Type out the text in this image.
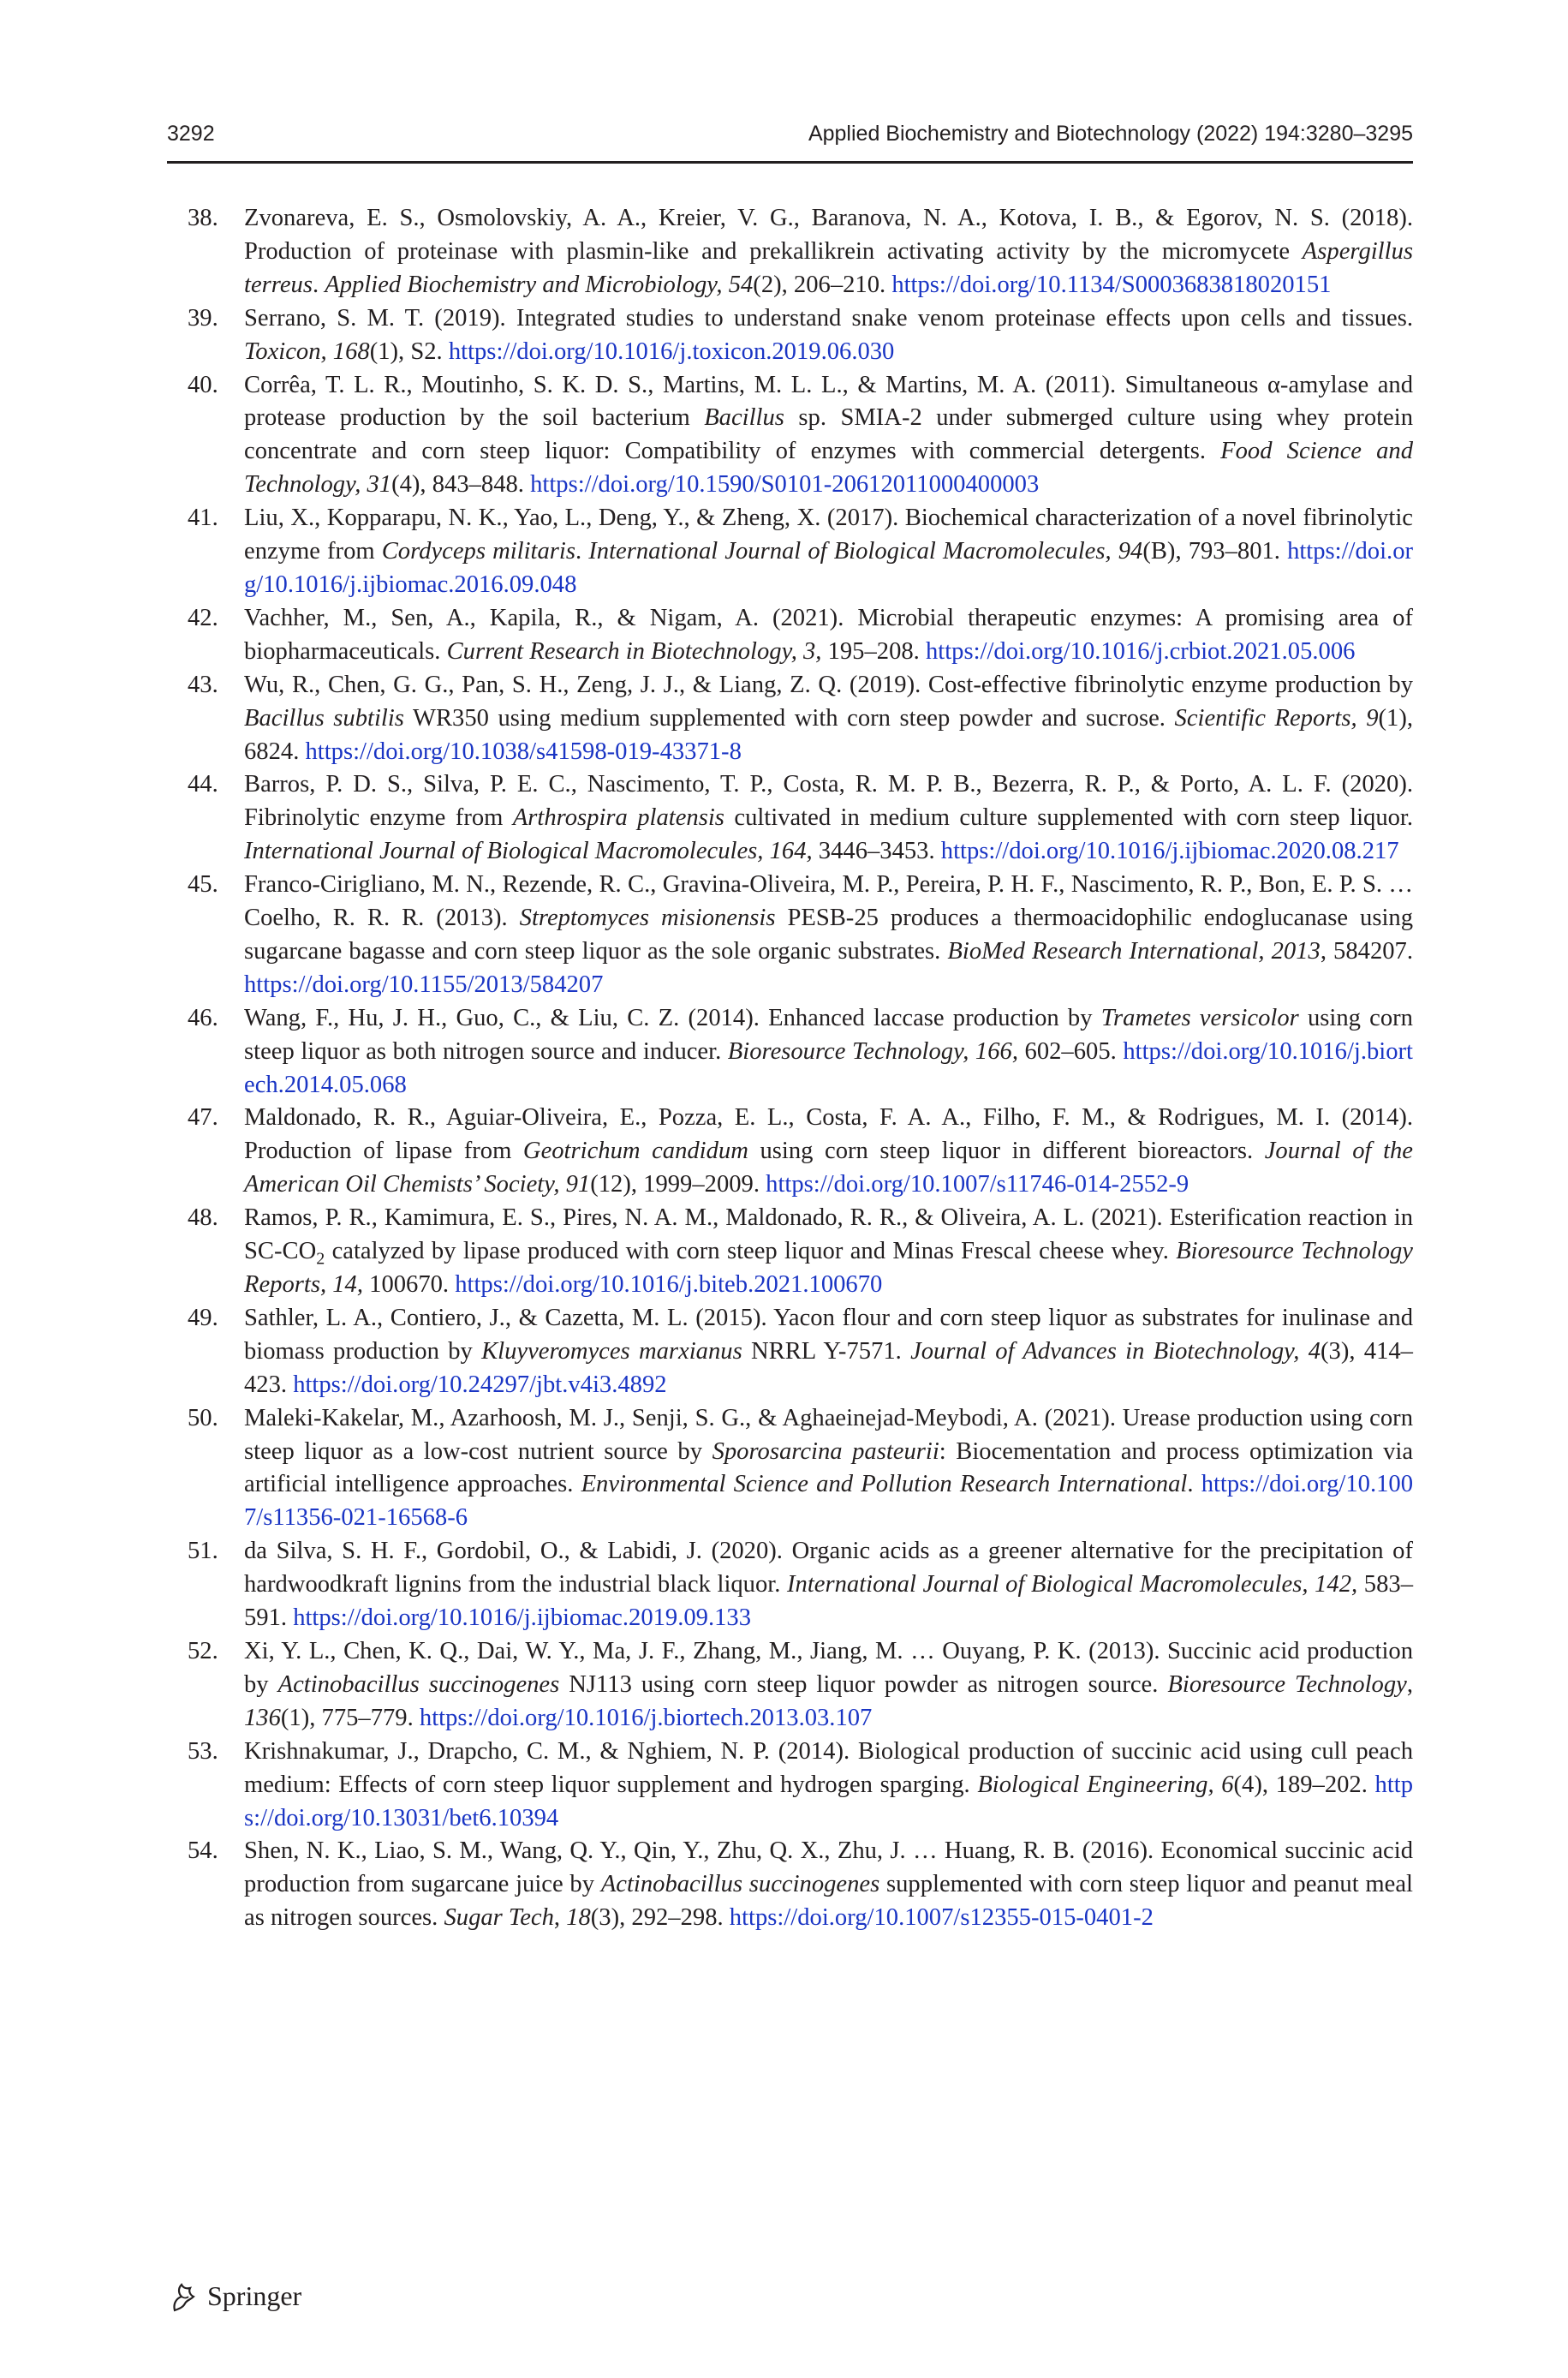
3292	Applied Biochemistry and Biotechnology (2022) 194:3280–3295
38. Zvonareva, E. S., Osmolovskiy, A. A., Kreier, V. G., Baranova, N. A., Kotova, I. B., & Egorov, N. S. (2018). Production of proteinase with plasmin-like and prekallikrein activating activity by the micromycete Aspergillus terreus. Applied Biochemistry and Microbiology, 54(2), 206–210. https://doi.org/10.1134/S0003683818020151
39. Serrano, S. M. T. (2019). Integrated studies to understand snake venom proteinase effects upon cells and tissues. Toxicon, 168(1), S2. https://doi.org/10.1016/j.toxicon.2019.06.030
40. Corrêa, T. L. R., Moutinho, S. K. D. S., Martins, M. L. L., & Martins, M. A. (2011). Simultaneous α-amylase and protease production by the soil bacterium Bacillus sp. SMIA-2 under submerged culture using whey protein concentrate and corn steep liquor: Compatibility of enzymes with commercial detergents. Food Science and Technology, 31(4), 843–848. https://doi.org/10.1590/S0101-20612011000400003
41. Liu, X., Kopparapu, N. K., Yao, L., Deng, Y., & Zheng, X. (2017). Biochemical characterization of a novel fibrinolytic enzyme from Cordyceps militaris. International Journal of Biological Macromolecules, 94(B), 793–801. https://doi.org/10.1016/j.ijbiomac.2016.09.048
42. Vachher, M., Sen, A., Kapila, R., & Nigam, A. (2021). Microbial therapeutic enzymes: A promising area of biopharmaceuticals. Current Research in Biotechnology, 3, 195–208. https://doi.org/10.1016/j.crbiot.2021.05.006
43. Wu, R., Chen, G. G., Pan, S. H., Zeng, J. J., & Liang, Z. Q. (2019). Cost-effective fibrinolytic enzyme production by Bacillus subtilis WR350 using medium supplemented with corn steep powder and sucrose. Scientific Reports, 9(1), 6824. https://doi.org/10.1038/s41598-019-43371-8
44. Barros, P. D. S., Silva, P. E. C., Nascimento, T. P., Costa, R. M. P. B., Bezerra, R. P., & Porto, A. L. F. (2020). Fibrinolytic enzyme from Arthrospira platensis cultivated in medium culture supplemented with corn steep liquor. International Journal of Biological Macromolecules, 164, 3446–3453. https://doi.org/10.1016/j.ijbiomac.2020.08.217
45. Franco-Cirigliano, M. N., Rezende, R. C., Gravina-Oliveira, M. P., Pereira, P. H. F., Nascimento, R. P., Bon, E. P. S. … Coelho, R. R. R. (2013). Streptomyces misionensis PESB-25 produces a thermoacidophilic endoglucanase using sugarcane bagasse and corn steep liquor as the sole organic substrates. BioMed Research International, 2013, 584207. https://doi.org/10.1155/2013/584207
46. Wang, F., Hu, J. H., Guo, C., & Liu, C. Z. (2014). Enhanced laccase production by Trametes versicolor using corn steep liquor as both nitrogen source and inducer. Bioresource Technology, 166, 602–605. https://doi.org/10.1016/j.biortech.2014.05.068
47. Maldonado, R. R., Aguiar-Oliveira, E., Pozza, E. L., Costa, F. A. A., Filho, F. M., & Rodrigues, M. I. (2014). Production of lipase from Geotrichum candidum using corn steep liquor in different bioreactors. Journal of the American Oil Chemists’ Society, 91(12), 1999–2009. https://doi.org/10.1007/s11746-014-2552-9
48. Ramos, P. R., Kamimura, E. S., Pires, N. A. M., Maldonado, R. R., & Oliveira, A. L. (2021). Esterification reaction in $SC-CO_2$ catalyzed by lipase produced with corn steep liquor and Minas Frescal cheese whey. Bioresource Technology Reports, 14, 100670. https://doi.org/10.1016/j.biteb.2021.100670
49. Sathler, L. A., Contiero, J., & Cazetta, M. L. (2015). Yacon flour and corn steep liquor as substrates for inulinase and biomass production by Kluyveromyces marxianus NRRL Y-7571. Journal of Advances in Biotechnology, 4(3), 414–423. https://doi.org/10.24297/jbt.v4i3.4892
50. Maleki-Kakelar, M., Azarhoosh, M. J., Senji, S. G., & Aghaeinejad-Meybodi, A. (2021). Urease production using corn steep liquor as a low-cost nutrient source by Sporosarcina pasteurii: Biocementation and process optimization via artificial intelligence approaches. Environmental Science and Pollution Research International. https://doi.org/10.1007/s11356-021-16568-6
51. da Silva, S. H. F., Gordobil, O., & Labidi, J. (2020). Organic acids as a greener alternative for the precipitation of hardwoodkraft lignins from the industrial black liquor. International Journal of Biological Macromolecules, 142, 583–591. https://doi.org/10.1016/j.ijbiomac.2019.09.133
52. Xi, Y. L., Chen, K. Q., Dai, W. Y., Ma, J. F., Zhang, M., Jiang, M. … Ouyang, P. K. (2013). Succinic acid production by Actinobacillus succinogenes NJ113 using corn steep liquor powder as nitrogen source. Bioresource Technology, 136(1), 775–779. https://doi.org/10.1016/j.biortech.2013.03.107
53. Krishnakumar, J., Drapcho, C. M., & Nghiem, N. P. (2014). Biological production of succinic acid using cull peach medium: Effects of corn steep liquor supplement and hydrogen sparging. Biological Engineering, 6(4), 189–202. https://doi.org/10.13031/bet6.10394
54. Shen, N. K., Liao, S. M., Wang, Q. Y., Qin, Y., Zhu, Q. X., Zhu, J. … Huang, R. B. (2016). Economical succinic acid production from sugarcane juice by Actinobacillus succinogenes supplemented with corn steep liquor and peanut meal as nitrogen sources. Sugar Tech, 18(3), 292–298. https://doi.org/10.1007/s12355-015-0401-2
Springer
